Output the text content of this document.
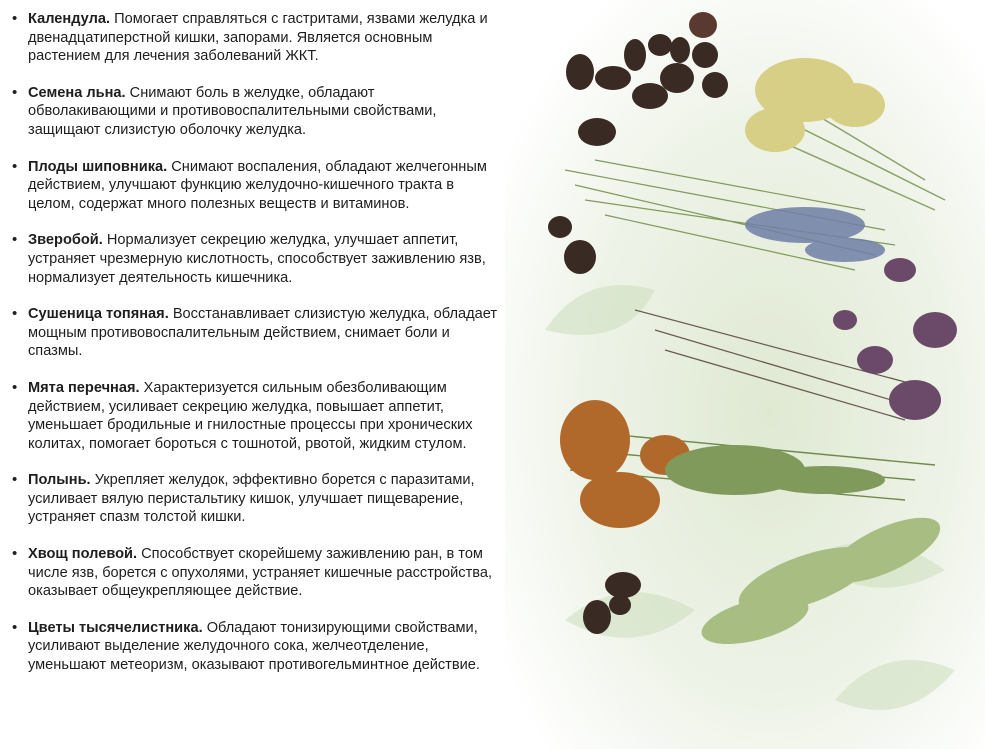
• Календула. Помогает справляться с гастритами, язвами желудка и двенадцатиперстной кишки, запорами. Является основным растением для лечения заболеваний ЖКТ.
• Семена льна. Снимают боль в желудке, обладают обволакивающими и противовоспалительными свойствами, защищают слизистую оболочку желудка.
• Плоды шиповника. Снимают воспаления, обладают желчегонным действием, улучшают функцию желудочно-кишечного тракта в целом, содержат много полезных веществ и витаминов.
• Зверобой. Нормализует секрецию желудка, улучшает аппетит, устраняет чрезмерную кислотность, способствует заживлению язв, нормализует деятельность кишечника.
• Сушеница топяная. Восстанавливает слизистую желудка, обладает мощным противовоспалительным действием, снимает боли и спазмы.
• Мята перечная. Характеризуется сильным обезболивающим действием, усиливает секрецию желудка, повышает аппетит, уменьшает бродильные и гнилостные процессы при хронических колитах, помогает бороться с тошнотой, рвотой, жидким стулом.
• Полынь. Укрепляет желудок, эффективно борется с паразитами, усиливает вялую перистальтику кишок, улучшает пищеварение, устраняет спазм толстой кишки.
• Хвощ полевой. Способствует скорейшему заживлению ран, в том числе язв, борется с опухолями, устраняет кишечные расстройства, оказывает общеукрепляющее действие.
• Цветы тысячелистника. Обладают тонизирующими свойствами, усиливают выделение желудочного сока, желчеотделение, уменьшают метеоризм, оказывают противогельминтное действие.
